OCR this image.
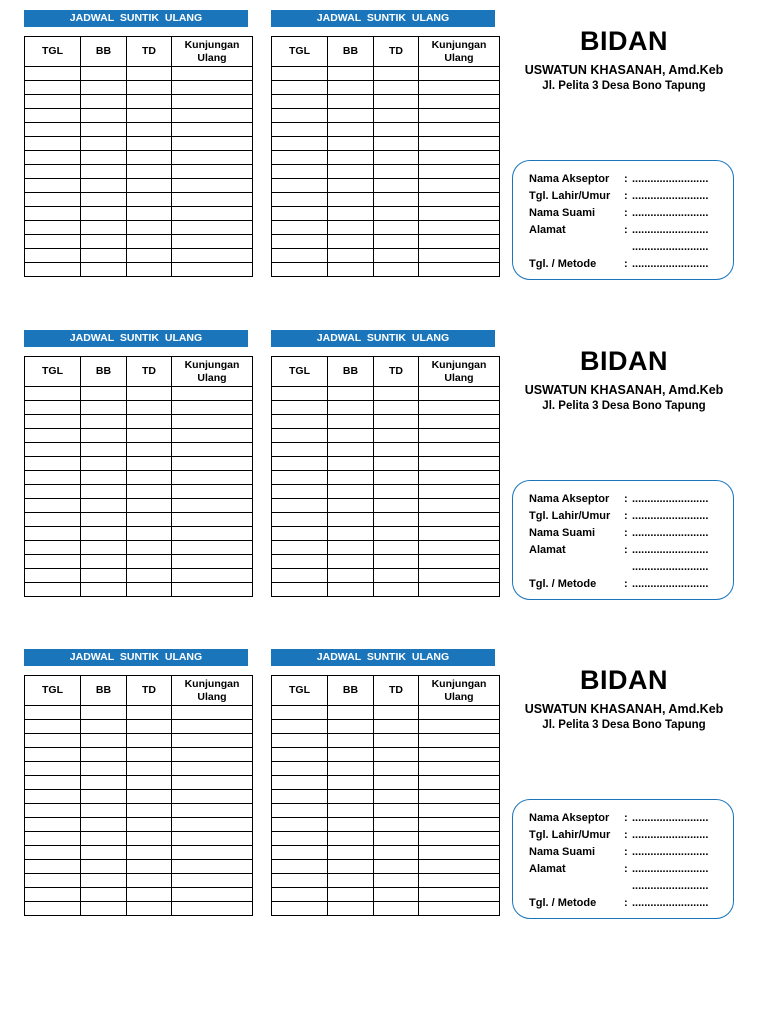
JADWAL SUNTIK ULANG
TGL	BB	TD	Kunjungan Ulang

JADWAL SUNTIK ULANG
TGL	BB	TD	Kunjungan Ulang

BIDAN
USWATUN KHASANAH, Amd.Keb
Jl. Pelita 3 Desa Bono Tapung
Nama Akseptor	: .........................
Tgl. Lahir/Umur	: .........................
Nama Suami	: .........................
Alamat	: .........................
.........................
Tgl. / Metode	: .........................
JADWAL SUNTIK ULANG
TGL	BB	TD	Kunjungan Ulang

JADWAL SUNTIK ULANG
TGL	BB	TD	Kunjungan Ulang

BIDAN
USWATUN KHASANAH, Amd.Keb
Jl. Pelita 3 Desa Bono Tapung
Nama Akseptor	: .........................
Tgl. Lahir/Umur	: .........................
Nama Suami	: .........................
Alamat	: .........................
.........................
Tgl. / Metode	: .........................
JADWAL SUNTIK ULANG
TGL	BB	TD	Kunjungan Ulang

JADWAL SUNTIK ULANG
TGL	BB	TD	Kunjungan Ulang

BIDAN
USWATUN KHASANAH, Amd.Keb
Jl. Pelita 3 Desa Bono Tapung
Nama Akseptor	: .........................
Tgl. Lahir/Umur	: .........................
Nama Suami	: .........................
Alamat	: .........................
.........................
Tgl. / Metode	: .........................
